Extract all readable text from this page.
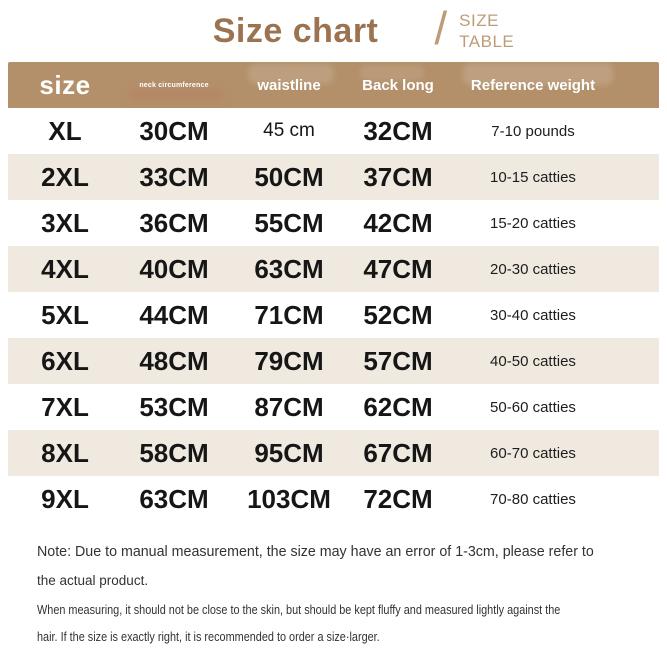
Size chart / SIZE
TABLE
size	neck circumference	waistline	Back long	Reference weight
XL	30CM	45 cm	32CM	7-10 pounds
2XL	33CM	50CM	37CM	10-15 catties
3XL	36CM	55CM	42CM	15-20 catties
4XL	40CM	63CM	47CM	20-30 catties
5XL	44CM	71CM	52CM	30-40 catties
6XL	48CM	79CM	57CM	40-50 catties
7XL	53CM	87CM	62CM	50-60 catties
8XL	58CM	95CM	67CM	60-70 catties
9XL	63CM	103CM	72CM	70-80 catties
Note: Due to manual measurement, the size may have an error of 1-3cm, please refer to
the actual product.
When measuring, it should not be close to the skin, but should be kept fluffy and measured lightly against the
hair. If the size is exactly right, it is recommended to order a size·larger.
